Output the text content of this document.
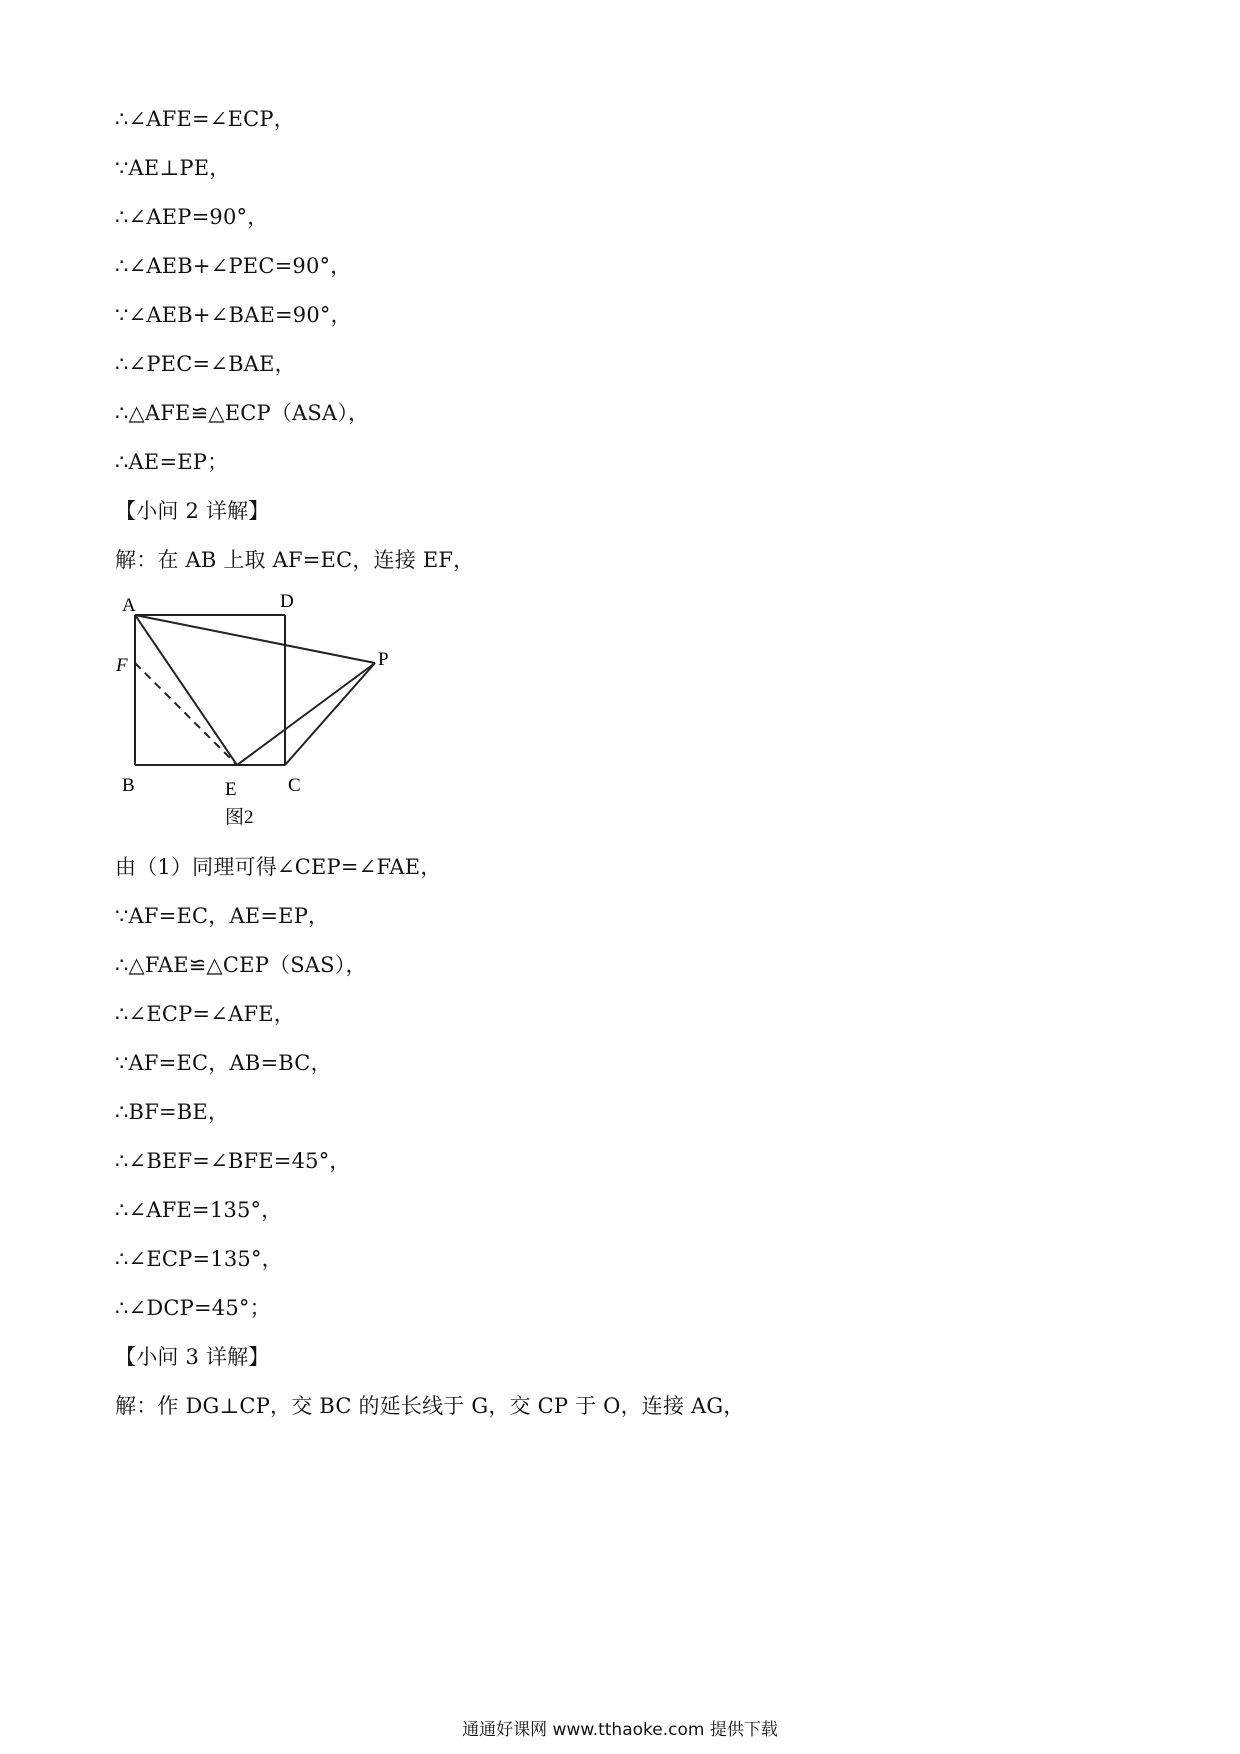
∴∠AFE=∠ECP，
∵AE⊥PE，
∴∠AEP=90°，
∴∠AEB+∠PEC=90°，
∵∠AEB+∠BAE=90°，
∴∠PEC=∠BAE，
∴△AFE≌△ECP（ASA），
∴AE=EP；
【小问 2 详解】
解：在 AB 上取 AF=EC，连接 EF，
A	D
P
F
B	E	C
图2
由（1）同理可得∠CEP=∠FAE，
∵AF=EC，AE=EP，
∴△FAE≌△CEP（SAS），
∴∠ECP=∠AFE，
∵AF=EC，AB=BC，
∴BF=BE，
∴∠BEF=∠BFE=45°，
∴∠AFE=135°，
∴∠ECP=135°，
∴∠DCP=45°；
【小问 3 详解】
解：作 DG⊥CP，交 BC 的延长线于 G，交 CP 于 O，连接 AG，
通通好课网 www.tthaoke.com 提供下载
